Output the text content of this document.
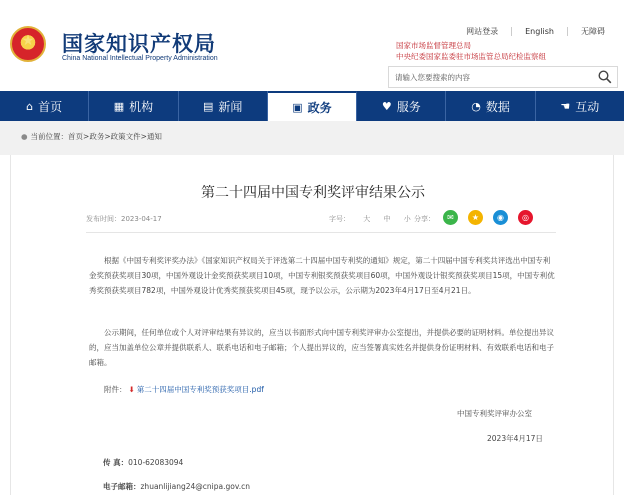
★
国家知识产权局
China National Intellectual Property Administration
网站登录	English	无障碍
国家市场监督管理总局
中央纪委国家监委驻市场监管总局纪检监察组
请输入您要搜索的内容
⌂ 首页	▦ 机构	▤ 新闻	▣ 政务	♥ 服务	◔ 数据	☚ 互动
● 当前位置：首页>政务>政策文件>通知
第二十四届中国专利奖评审结果公示
发布时间：2023-04-17	字号： 大 中 小 分享：	✉	★	◉	◎

根据《中国专利奖评奖办法》《国家知识产权局关于评选第二十四届中国专利奖的通知》规定，第二十四届中国专利奖共评选出中国专利金奖预获奖项目30项，中国外观设计金奖预获奖项目10项，中国专利银奖预获奖项目60项，中国外观设计银奖预获奖项目15项，中国专利优秀奖预获奖项目782项，中国外观设计优秀奖预获奖项目45项，现予以公示，公示期为2023年4月17日至4月21日。

公示期间，任何单位或个人对评审结果有异议的，应当以书面形式向中国专利奖评审办公室提出，并提供必要的证明材料。单位提出异议的，应当加盖单位公章并提供联系人、联系电话和电子邮箱；个人提出异议的，应当签署真实姓名并提供身份证明材料、有效联系电话和电子邮箱。

附件： ⬇ 第二十四届中国专利奖预获奖项目.pdf
中国专利奖评审办公室
2023年4月17日
传 真：010-62083094
电子邮箱：zhuanlijiang24@cnipa.gov.cn
